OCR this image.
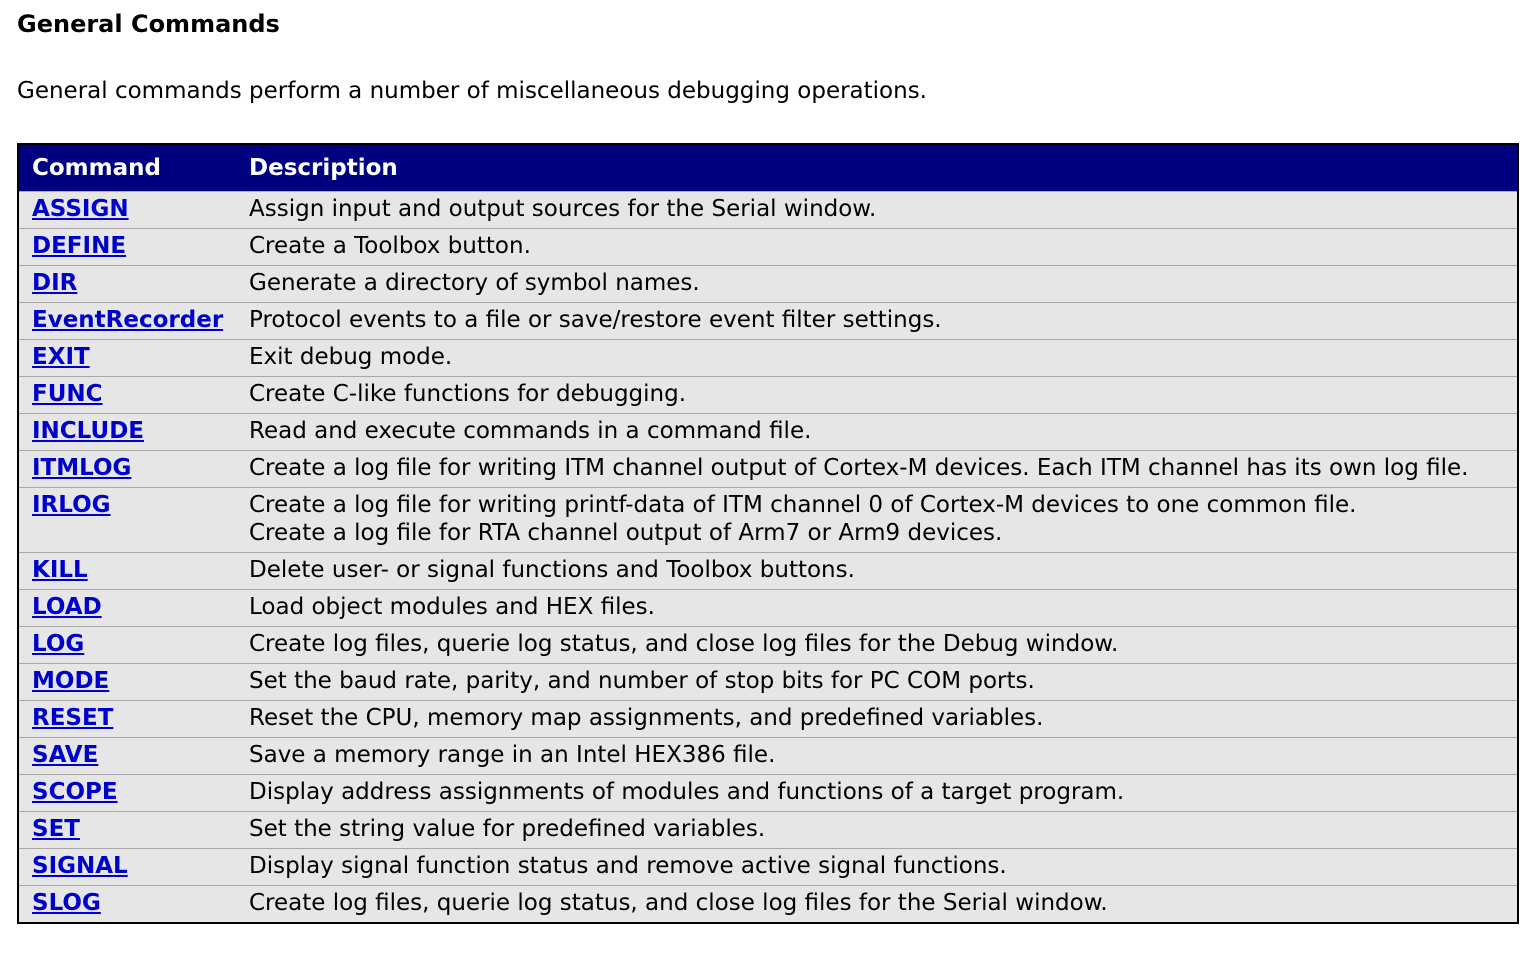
General Commands

General commands perform a number of miscellaneous debugging operations.

Command	Description
ASSIGN	Assign input and output sources for the Serial window.
DEFINE	Create a Toolbox button.
DIR	Generate a directory of symbol names.
EventRecorder	Protocol events to a file or save/restore event filter settings.
EXIT	Exit debug mode.
FUNC	Create C-like functions for debugging.
INCLUDE	Read and execute commands in a command file.
ITMLOG	Create a log file for writing ITM channel output of Cortex-M devices. Each ITM channel has its own log file.
IRLOG	Create a log file for writing printf-data of ITM channel 0 of Cortex-M devices to one common file.
Create a log file for RTA channel output of Arm7 or Arm9 devices.
KILL	Delete user- or signal functions and Toolbox buttons.
LOAD	Load object modules and HEX files.
LOG	Create log files, querie log status, and close log files for the Debug window.
MODE	Set the baud rate, parity, and number of stop bits for PC COM ports.
RESET	Reset the CPU, memory map assignments, and predefined variables.
SAVE	Save a memory range in an Intel HEX386 file.
SCOPE	Display address assignments of modules and functions of a target program.
SET	Set the string value for predefined variables.
SIGNAL	Display signal function status and remove active signal functions.
SLOG	Create log files, querie log status, and close log files for the Serial window.
